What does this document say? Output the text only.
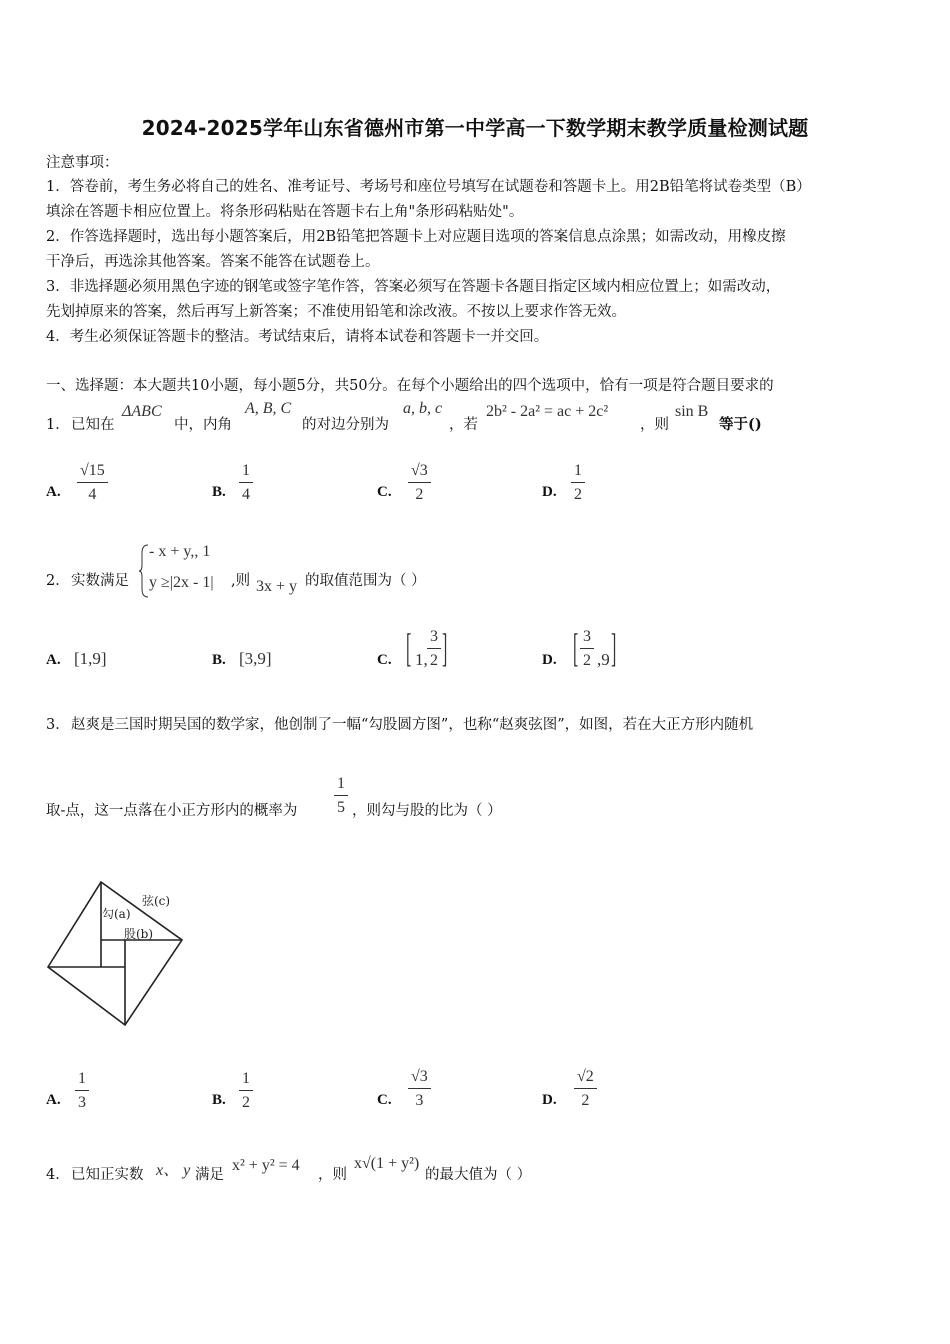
2024-2025学年山东省德州市第一中学高一下数学期末教学质量检测试题
注意事项：
1．答卷前，考生务必将自己的姓名、准考证号、考场号和座位号填写在试题卷和答题卡上。用2B铅笔将试卷类型（B）
填涂在答题卡相应位置上。将条形码粘贴在答题卡右上角"条形码粘贴处"。
2．作答选择题时，选出每小题答案后，用2B铅笔把答题卡上对应题目选项的答案信息点涂黑；如需改动，用橡皮擦
干净后，再选涂其他答案。答案不能答在试题卷上。
3．非选择题必须用黑色字迹的钢笔或签字笔作答，答案必须写在答题卡各题目指定区域内相应位置上；如需改动，
先划掉原来的答案，然后再写上新答案；不准使用铅笔和涂改液。不按以上要求作答无效。
4．考生必须保证答题卡的整洁。考试结束后，请将本试卷和答题卡一并交回。
一、选择题：本大题共10小题，每小题5分，共50分。在每个小题给出的四个选项中，恰有一项是符合题目要求的
1． 已知在
ΔABC
中，内角
A, B, C
的对边分别为
a, b, c
，若
2b² - 2a² = ac + 2c²
，则
sin B
等于()
A. $\frac{√15}{4}$	B. $\frac{1}{4}$	C. $\frac{√3}{2}$	D. $\frac{1}{2}$
2． 实数满足
- x + y,, 1
y ≥|2x - 1| ,则 3x + y 的取值范围为（ ）
A. [1,9]	B. [3,9]	C. [ 1, $\frac{3}{2}$ ]	D. [ $\frac{3}{2} ,9$ ]
3． 赵爽是三国时期吴国的数学家，他创制了一幅“勾股圆方图”，也称“赵爽弦图”，如图，若在大正方形内随机
取-点，这一点落在小正方形内的概率为 $\frac{1}{5}$ ，则勾与股的比为（ ）
弦(c)
勾(a)
股(b)
A. $\frac{1}{3}$	B. $\frac{1}{2}$	C. $\frac{√3}{3}$	D. $\frac{√2}{2}$
4． 已知正实数 x、 y 满足
x² + y² = 4
，则
x√(1 + y²)
的最大值为（ ）
